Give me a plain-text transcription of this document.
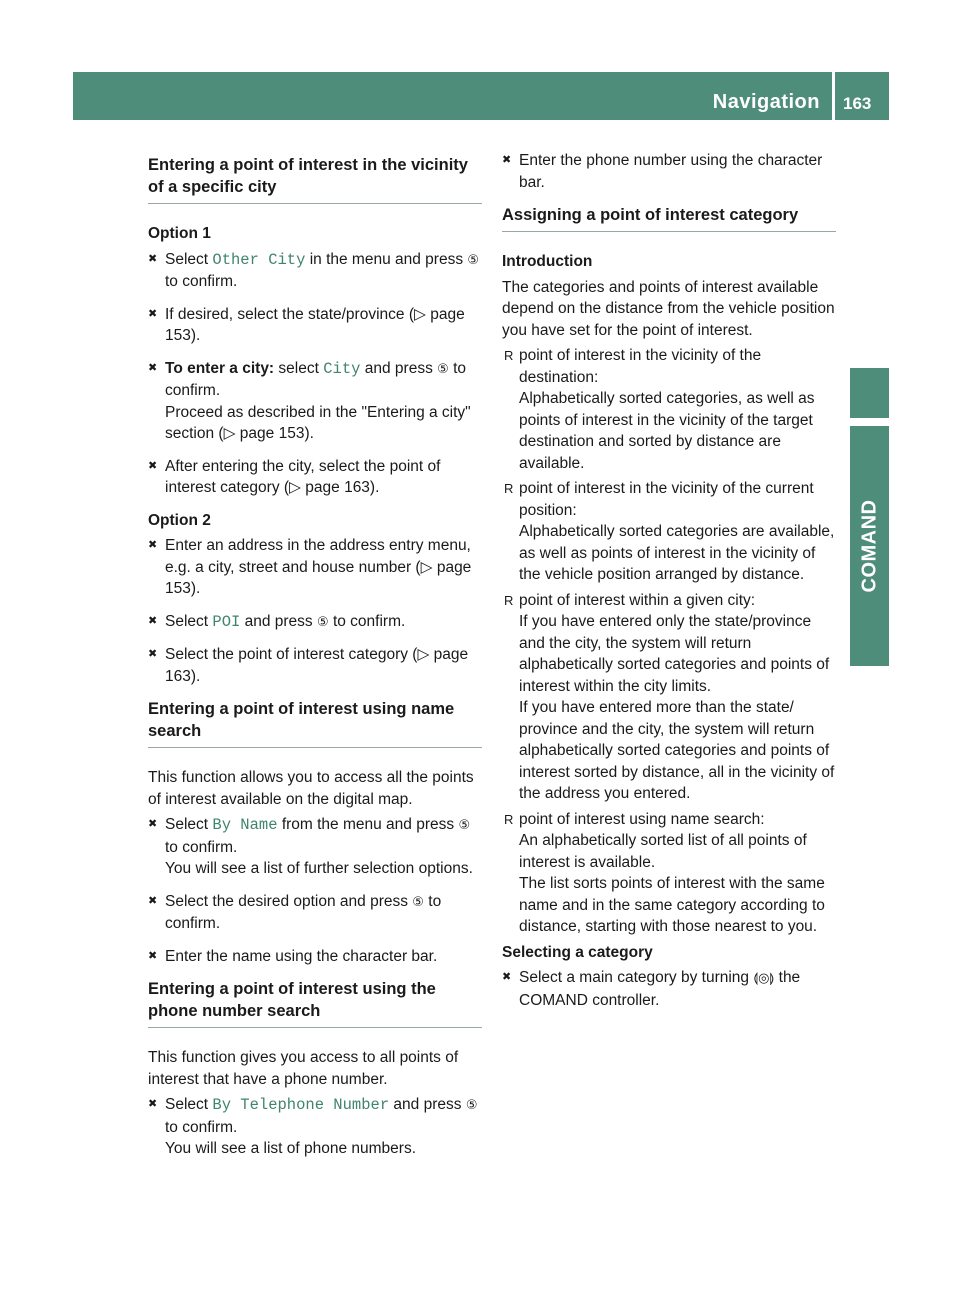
Navigation 163
COMAND
Entering a point of interest in the vicinity of a specific city
Option 1
✖ Select Other City in the menu and press ⑤ to confirm.
✖ If desired, select the state/province (▷ page 153).
✖ To enter a city: select City and press ⑤ to confirm.
Proceed as described in the "Entering a city" section (▷ page 153).
✖ After entering the city, select the point of interest category (▷ page 163).
Option 2
✖ Enter an address in the address entry menu, e.g. a city, street and house number (▷ page 153).
✖ Select POI and press ⑤ to confirm.
✖ Select the point of interest category (▷ page 163).
Entering a point of interest using name search
This function allows you to access all the points of interest available on the digital map.
✖ Select By Name from the menu and press ⑤ to confirm.
You will see a list of further selection options.
✖ Select the desired option and press ⑤ to confirm.
✖ Enter the name using the character bar.
Entering a point of interest using the phone number search
This function gives you access to all points of interest that have a phone number.
✖ Select By Telephone Number and press ⑤ to confirm.
You will see a list of phone numbers.
✖ Enter the phone number using the character bar.
Assigning a point of interest category
Introduction
The categories and points of interest available depend on the distance from the vehicle position you have set for the point of interest.
R point of interest in the vicinity of the destination:
Alphabetically sorted categories, as well as points of interest in the vicinity of the target destination and sorted by distance are available.
R point of interest in the vicinity of the current position:
Alphabetically sorted categories are available, as well as points of interest in the vicinity of the vehicle position arranged by distance.
R point of interest within a given city:
If you have entered only the state/province and the city, the system will return alphabetically sorted categories and points of interest within the city limits.
If you have entered more than the state/ province and the city, the system will return alphabetically sorted categories and points of interest sorted by distance, all in the vicinity of the address you entered.
R point of interest using name search:
An alphabetically sorted list of all points of interest is available.
The list sorts points of interest with the same name and in the same category according to distance, starting with those nearest to you.
Selecting a category
✖ Select a main category by turning ⟬◎⟭ the COMAND controller.
